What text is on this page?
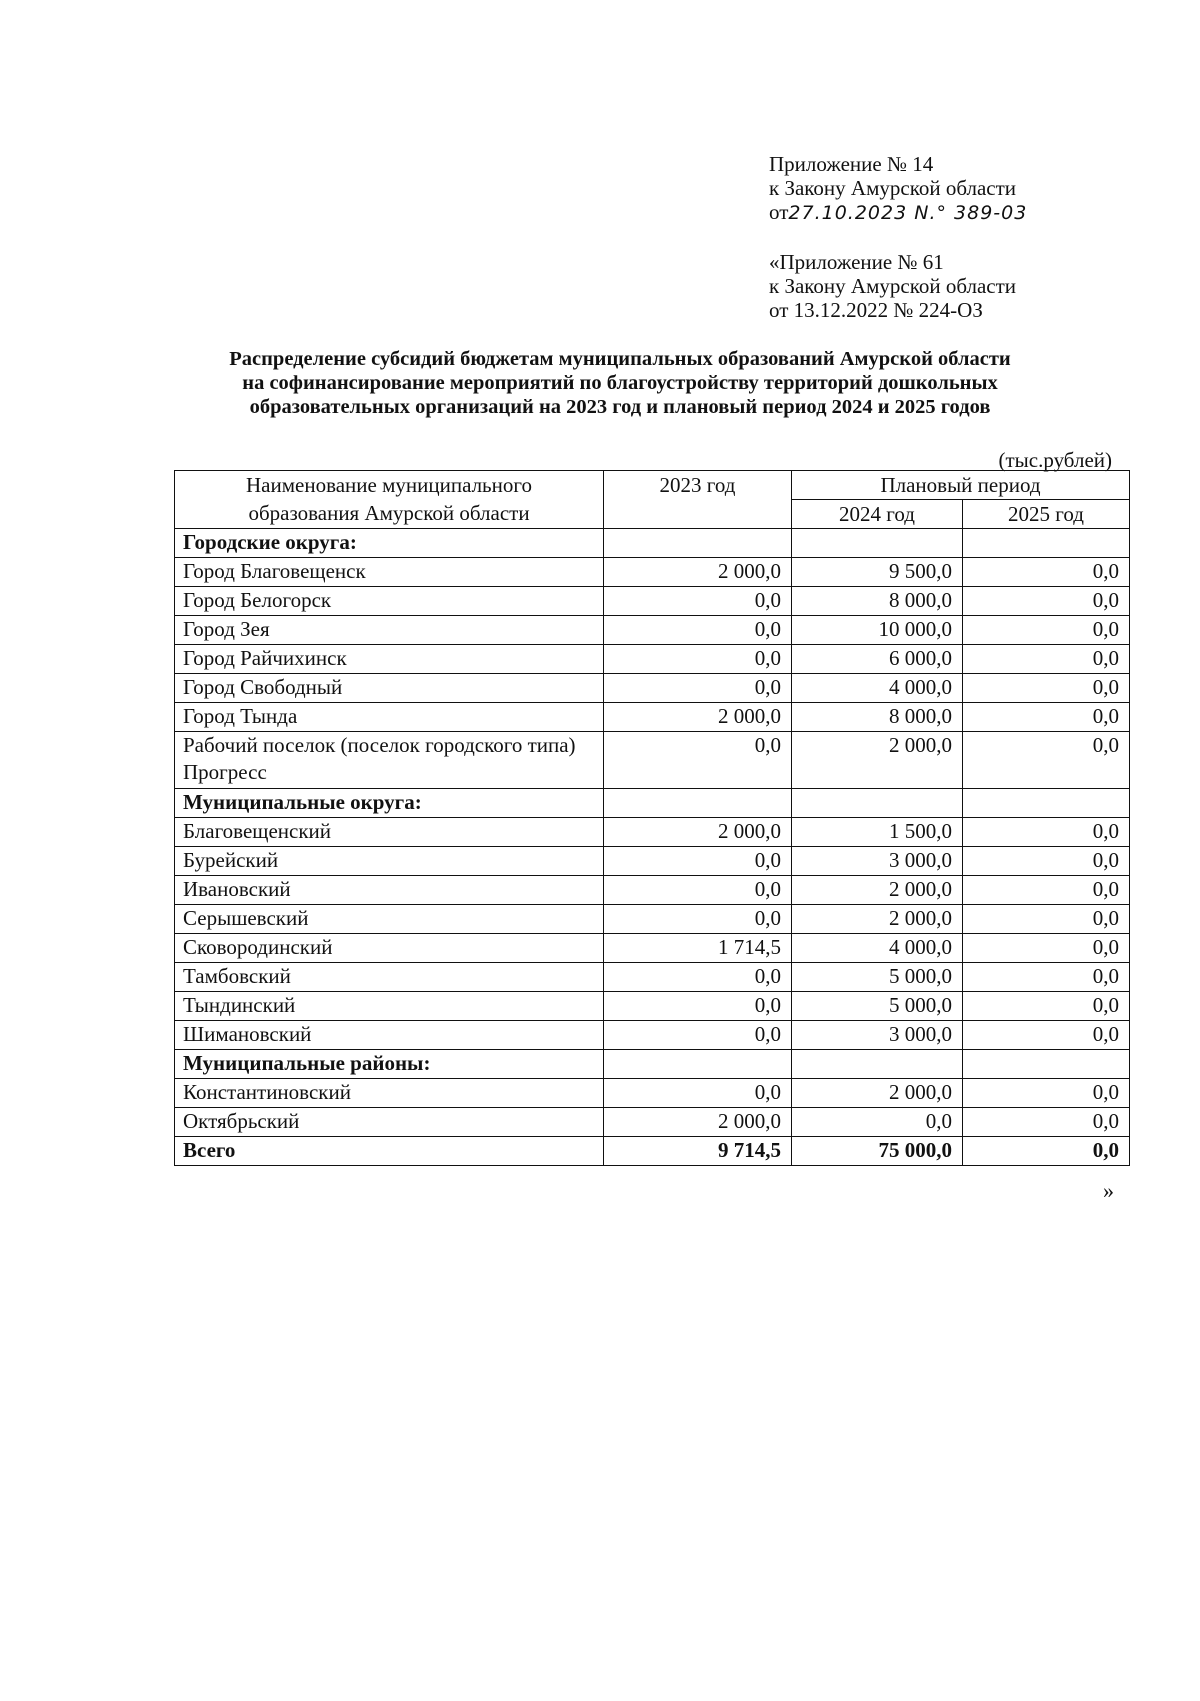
Приложение № 14
к Закону Амурской области
от27.10.2023 N.° 389-03
«Приложение № 61
к Закону Амурской области
от 13.12.2022 № 224-ОЗ
Распределение субсидий бюджетам муниципальных образований Амурской области
на софинансирование мероприятий по благоустройству территорий дошкольных
образовательных организаций на 2023 год и плановый период 2024 и 2025 годов
(тыс.рублей)
Наименование муниципального
образования Амурской области	2023 год	Плановый период	
		2024 год	2025 год
Городские округа:			
Город Благовещенск	2 000,0	9 500,0	0,0
Город Белогорск	0,0	8 000,0	0,0
Город Зея	0,0	10 000,0	0,0
Город Райчихинск	0,0	6 000,0	0,0
Город Свободный	0,0	4 000,0	0,0
Город Тында	2 000,0	8 000,0	0,0
Рабочий поселок (поселок городского типа) Прогресс	0,0	2 000,0	0,0
Муниципальные округа:			
Благовещенский	2 000,0	1 500,0	0,0
Бурейский	0,0	3 000,0	0,0
Ивановский	0,0	2 000,0	0,0
Серышевский	0,0	2 000,0	0,0
Сковородинский	1 714,5	4 000,0	0,0
Тамбовский	0,0	5 000,0	0,0
Тындинский	0,0	5 000,0	0,0
Шимановский	0,0	3 000,0	0,0
Муниципальные районы:			
Константиновский	0,0	2 000,0	0,0
Октябрьский	2 000,0	0,0	0,0
Всего	9 714,5	75 000,0	0,0
»
